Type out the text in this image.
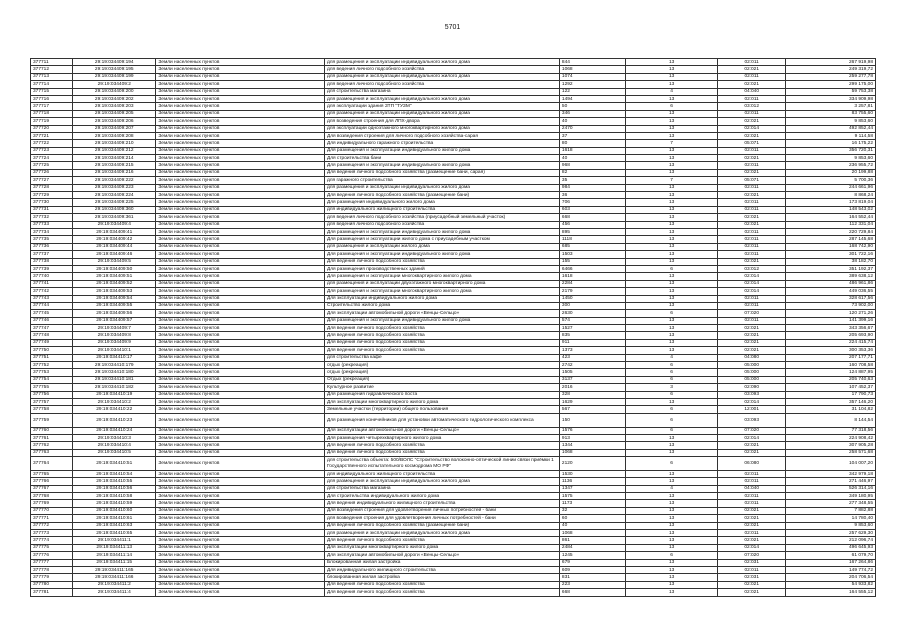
5701
377711	29:19:034409:194	Земли населенных пунктов	для размещения и эксплуатации индивидуального жилого дома	844	13	02:011	267 919,98
377712	29:19:034409:195	Земли населенных пунктов	для ведения личного подсобного хозяйства	1068	13	02:021	249 319,72
377713	29:19:034409:199	Земли населенных пунктов	для размещения и эксплуатации индивидуального жилого дома	1074	13	02:011	259 277,78
377714	29:19:034409:2	Земли населенных пунктов	для ведения личного подсобного хозяйства	1292	13	02:021	299 175,00
377715	29:19:034409:200	Земли населенных пунктов	для строительства магазина	122	4	04:040	59 753,38
377716	29:19:034409:202	Земли населенных пунктов	для размещения и эксплуатации индивидуального жилого дома	1494	13	02:011	334 909,98
377717	29:19:034409:203	Земли населенных пунктов	для эксплуатации здания ЗТП "ТУЗМ"	50	6	03:012	3 257,81
377718	29:19:034409:205	Земли населенных пунктов	для размещения и эксплуатации индивидуального жилого дома	346	13	02:011	83 755,60
377719	29:19:034409:206	Земли населенных пунктов	для возведения строения для ЛПХ-двора	40	13	02:021	9 853,60
377720	29:19:034409:207	Земли населенных пунктов	для эксплуатации одноэтажного многоквартирного жилого дома	2470	13	02:014	492 852,44
377721	29:19:034409:208	Земли населенных пунктов	Для возведения строения для личного подсобного хозяйства-сарая	37	13	02:021	9 114,58
377722	29:19:034409:210	Земли населенных пунктов	Для индивидуального гаражного строительства	80	7	05:071	16 175,22
377723	29:19:034409:212	Земли населенных пунктов	Для размещения и эксплуатации индивидуального жилого дома	1618	13	02:011	356 720,31
377724	29:19:034409:214	Земли населенных пунктов	Для строительства бани	40	13	02:021	9 853,60
377725	29:19:034409:215	Земли населенных пунктов	Для размещения и эксплуатации индивидуального жилого дома	968	13	02:011	236 955,72
377726	29:19:034409:216	Земли населенных пунктов	Для ведения личного подсобного хозяйства (размещение бани, сарая)	82	13	02:021	20 199,88
377727	29:19:034409:222	Земли населенных пунктов	для гаражного строительства	35	7	05:071	5 700,36
377728	29:19:034409:223	Земли населенных пунктов	для размещения и эксплуатации индивидуального жилого дома	984	13	02:011	244 661,96
377729	29:19:034409:224	Земли населенных пунктов	Для ведения личного подсобного хозяйства (размещение бани)	36	13	02:021	8 868,24
377730	29:19:034409:225	Земли населенных пунктов	Для размещения индивидуального жилого дома	706	13	02:011	173 819,04
377731	29:19:034409:360	Земли населенных пунктов	для индивидуального жилищного строительства	603	13	02:011	148 543,02
377732	29:19:034409:361	Земли населенных пунктов	для ведения личного подсобного хозяйства (приусадебный земельный участок)	668	13	02:021	164 552,44
377733	29:19:034409:4	Земли населенных пунктов	для ведения личного подсобного хозяйства	456	13	02:021	112 331,04
377734	29:19:034409:41	Земли населенных пунктов	Для размещения и эксплуатации индивидуального жилого дома	895	13	02:011	220 729,84
377735	29:19:034409:42	Земли населенных пунктов	Для размещения и эксплуатации жилого дома с приусадебным участком	1118	13	02:011	287 145,68
377736	29:19:034409:44	Земли населенных пунктов	для размещения и эксплуатации жилого дома	685	13	02:011	168 742,90
377737	29:19:034409:46	Земли населенных пунктов	Для размещения и эксплуатации индивидуального жилого дома	1503	13	02:011	301 722,16
377738	29:19:034409:5	Земли населенных пунктов	Для ведения личного подсобного хозяйства	155	13	02:021	38 182,70
377739	29:19:034409:50	Земли населенных пунктов	Для размещения производственных зданий	6466	6	03:012	351 192,37
377740	29:19:034409:51	Земли населенных пунктов	Для размещения и эксплуатации многоквартирного жилого дома	1618	13	02:014	389 638,12
377741	29:19:034409:52	Земли населенных пунктов	для размещения и эксплуатации двухэтажного многоквартирного дома	2284	13	02:014	486 961,86
377742	29:19:034409:53	Земли населенных пунктов	Для размещения и эксплуатации многоквартирного жилого дома	2179	13	02:014	449 036,55
377743	29:19:034409:54	Земли населенных пунктов	Для эксплуатации индивидуального жилого дома	1450	13	02:011	328 617,56
377744	29:19:034409:55	Земли населенных пунктов	Строительство жилого дома	300	13	02:011	73 902,00
377745	29:19:034409:56	Земли населенных пунктов	Для эксплуатации автомобильной дороги «Венцы-Сельцо»	2630	6	07:020	120 271,26
377746	29:19:034409:57	Земли населенных пунктов	Для размещения и эксплуатации индивидуального жилого дома	574	13	02:011	141 399,16
377747	29:19:034409:7	Земли населенных пунктов	Для ведения личного подсобного хозяйства	1527	13	02:021	343 356,67
377748	29:19:034409:8	Земли населенных пунктов	Для ведения личного подсобного хозяйства	835	13	02:021	205 693,90
377749	29:19:034409:9	Земли населенных пунктов	Для ведения личного подсобного хозяйства	911	13	02:021	224 415,74
377750	29:19:034410:1	Земли населенных пунктов	Для ведения личного подсобного хозяйства	1373	13	02:021	300 353,36
377751	29:19:034410:17	Земли населенных пунктов	для строительства кафе	423	4	04:080	207 177,71
377752	29:19:034410:179	Земли населенных пунктов	отдых (рекреация)	2742	6	05:000	160 708,58
377753	29:19:034410:180	Земли населенных пунктов	отдых (рекреация)	1505	6	05:000	124 887,95
377754	29:19:034410:181	Земли населенных пунктов	Отдых (рекреация)	3137	6	05:000	205 740,63
377755	29:19:034410:182	Земли населенных пунктов	Культурное развитие	2016	3	02:090	107 452,37
377756	29:19:034410:19	Земли населенных пунктов	Для размещения гидравлического поста	328	6	03:093	17 790,73
377757	29:19:034410:2	Земли населенных пунктов	Для эксплуатации многоквартирного жилого дома	1629	13	02:014	357 146,20
377758	29:19:034410:22	Земли населенных пунктов	Земельные участки (территории) общего пользования	567	6	12:001	31 104,82
377759	29:19:034410:23	Земли населенных пунктов	Для размещения конечейников для установки автоматического гидрологического комплекса	150	6	03:093	8 144,54
377760	29:19:034410:24	Земли населенных пунктов	Для эксплуатации автомобильной дороги «Венцы-Сельцо»	1576	6	07:020	77 318,56
377761	29:19:034410:3	Земли населенных пунктов	Для размещения четырехквартирного жилого дома	913	13	02:014	224 908,42
377762	29:19:034410:4	Земли населенных пунктов	Для ведения личного подсобного хозяйства	1344	13	02:021	307 905,28
377763	29:19:034410:5	Земли населенных пунктов	Для ведения личного подсобного хозяйства	1068	13	02:021	258 571,68
377764	29:19:034410:51	Земли населенных пунктов	для строительства объекта: 500/ВОЛС "Строительство волоконно-оптической линии связи приёмки 1 Государственного испытательного космодрома МО РФ"	2120	6	06:080	104 007,20
377765	29:19:034410:54	Земли населенных пунктов	для индивидуального жилищного строительства	1530	13	02:011	342 979,18
377766	29:19:034410:55	Земли населенных пунктов	для размещения и эксплуатации индивидуального жилого дома	1136	13	02:011	271 446,97
377767	29:19:034410:56	Земли населенных пунктов	для строительства магазина	1347	4	04:040	526 314,16
377768	29:19:034410:58	Земли населенных пунктов	Для строительства индивидуального жилого дома	1575	13	02:011	349 180,95
377769	29:19:034410:59	Земли населенных пунктов	Для ведения индивидуального жилищного строительства	1173	13	02:011	277 348,55
377770	29:19:034410:60	Земли населенных пунктов	Для возведения строения для удовлетворения личных потребностей - бани	32	13	02:021	7 882,88
377771	29:19:034410:61	Земли населенных пунктов	для возведения строения для удовлетворения личных потребностей - бани	60	13	02:021	14 780,40
377772	29:19:034410:63	Земли населенных пунктов	Для ведения личного подсобного хозяйства (размещение бани)	40	13	02:021	9 853,60
377773	29:19:034410:65	Земли населенных пунктов	для размещения и эксплуатации индивидуального жилого дома	1068	13	02:011	257 629,30
377774	29:19:034411:1	Земли населенных пунктов	Для ведения личного подсобного хозяйства	861	13	02:021	212 096,74
377775	29:19:034411:13	Земли населенных пунктов	Для эксплуатации многоквартирного жилого дома	2484	13	02:014	496 645,93
377776	29:19:034411:14	Земли населенных пунктов	Для эксплуатации автомобильной дороги «Венцы-Сельцо»	1245	6	07:020	61 079,70
377777	29:19:034411:15	Земли населенных пунктов	Блокированная жилая застройка	679	13	02:031	167 264,86
377778	29:19:034411:165	Земли населенных пунктов	Для индивидуального жилищного строительства	609	13	02:011	149 774,72
377779	29:19:034411:166	Земли населенных пунктов	блокированная жилая застройка	831	13	02:031	204 706,54
377780	29:19:034411:2	Земли населенных пунктов	Для ведения личного подсобного хозяйства	223	13	02:021	54 933,82
377781	29:19:034411:4	Земли населенных пунктов	Для ведения личного подсобного хозяйства	668	13	02:021	164 555,12
